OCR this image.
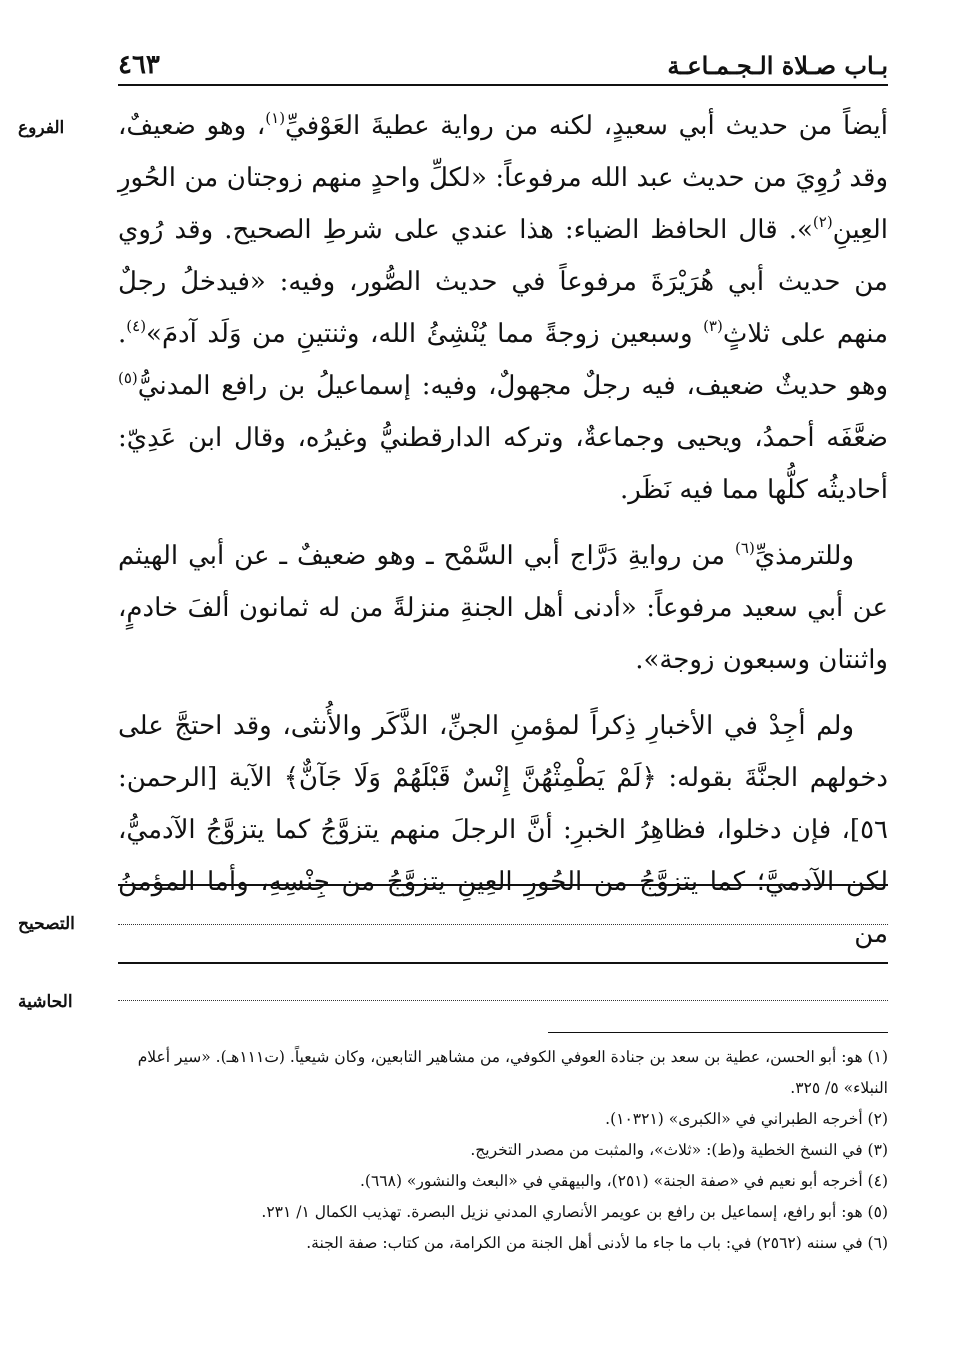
بـاب صـلاة الـجـمـاعـة
٤٦٣
الفروع
التصحيح
الحاشية

أيضاً من حديث أبي سعيدٍ، لكنه من رواية عطيةَ العَوْفيِّ$^{(١)}$، وهو ضعيفٌ، وقد رُوِيَ من حديث عبد الله مرفوعاً: «لكلِّ واحدٍ منهم زوجتان من الحُورِ العِينِ$^{(٢)}$». قال الحافظ الضياء: هذا عندي على شرطِ الصحيح. وقد رُوي من حديث أبي هُرَيْرَةَ مرفوعاً في حديث الصُّور، وفيه: «فيدخلُ رجلٌ منهم على ثلاثٍ$^{(٣)}$ وسبعين زوجةً مما يُنْشِئُ الله، وثنتينِ من وَلَد آدمَ»$^{(٤)}$. وهو حديثٌ ضعيف، فيه رجلٌ مجهولٌ، وفيه: إسماعيلُ بن رافع المدنيُّ$^{(٥)}$ ضعَّفَه أحمدُ، ويحيى وجماعةٌ، وتركه الدارقطنيُّ وغيرُه، وقال ابن عَدِيّ: أحاديثُه كلُّها مما فيه نَظَر.

وللترمذيِّ$^{(٦)}$ من روايةِ دَرَّاج أبي السَّمْح ـ وهو ضعيفٌ ـ عن أبي الهيثم عن أبي سعيد مرفوعاً: «أدنى أهل الجنةِ منزلةً من له ثمانون ألفَ خادمٍ، واثنتان وسبعون زوجة».

ولم أجِدْ في الأخبارِ ذِكراً لمؤمنِ الجنِّ، الذَّكَر والأُنثى، وقد احتجَّ على دخولهم الجنَّةَ بقوله: ﴿لَمْ يَطْمِثْهُنَّ إِنْسٌ قَبْلَهُمْ وَلَا جَآنٌّ﴾ الآية [الرحمن: ٥٦]، فإن دخلوا، فظاهِرُ الخبرِ: أنَّ الرجلَ منهم يتزوَّجُ كما يتزوَّجُ الآدميُّ، لكن الآدميَّ؛ كما يتزوَّجُ من الحُورِ العِينِ يتزوَّجُ من جِنْسِهِ، وأما المؤمنُ من

(١) هو: أبو الحسن، عطية بن سعد بن جنادة العوفي الكوفي، من مشاهير التابعين، وكان شيعياً. (ت١١١هـ). «سير أعلام النبلاء» ٥/ ٣٢٥.

(٢) أخرجه الطبراني في «الكبرى» (١٠٣٢١).

(٣) في النسخ الخطية و(ط): «ثلاث»، والمثبت من مصدر التخريج.

(٤) أخرجه أبو نعيم في «صفة الجنة» (٢٥١)، والبيهقي في «البعث والنشور» (٦٦٨).

(٥) هو: أبو رافع، إسماعيل بن رافع بن عويمر الأنصاري المدني نزيل البصرة. تهذيب الكمال ١/ ٢٣١.

(٦) في سننه (٢٥٦٢) في: باب ما جاء ما لأدنى أهل الجنة من الكرامة، من كتاب: صفة الجنة.
